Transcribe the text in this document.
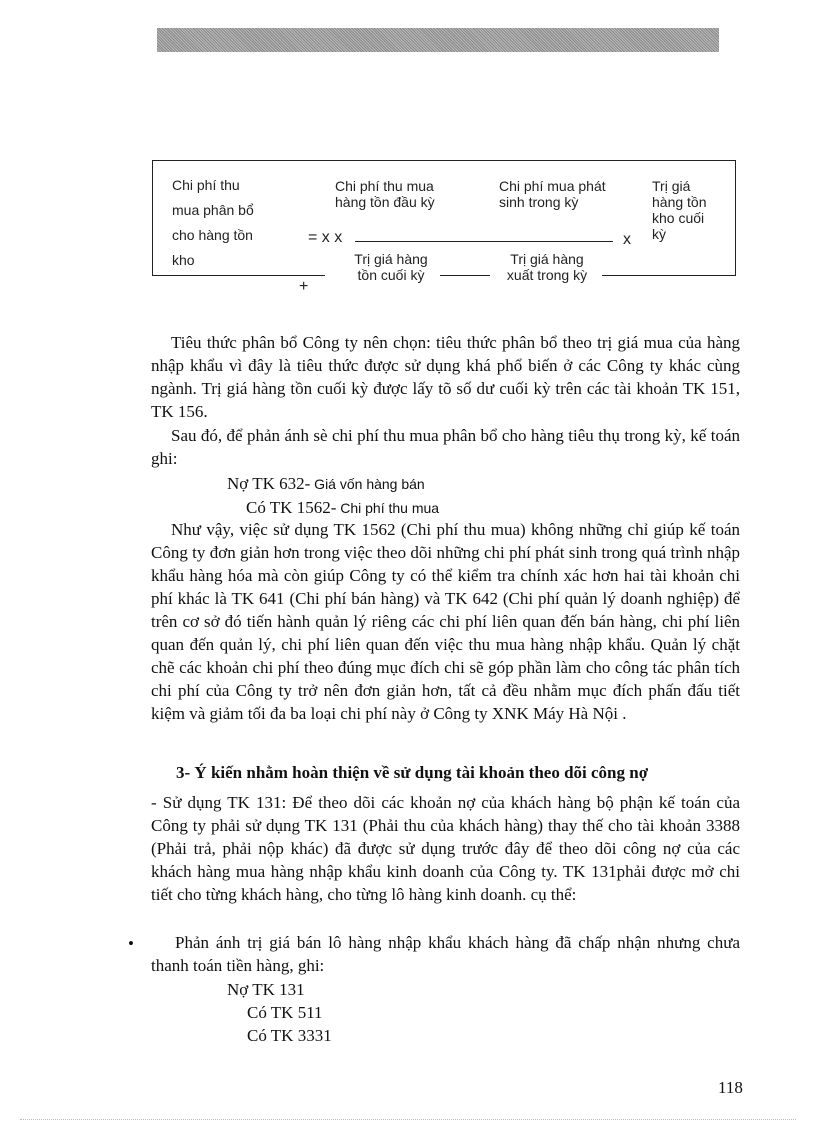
Chi phí thu
mua phân bổ
cho hàng tồn
kho
Chi phí thu mua
hàng tồn đầu kỳ
Chi phí mua phát
sinh trong kỳ
Trị giá
hàng tồn
kho cuối
kỳ
= x x	x
Trị giá hàng
tồn cuối kỳ
Trị giá hàng
xuất trong kỳ
+

Tiêu thức phân bổ Công ty nên chọn: tiêu thức phân bổ theo trị giá mua của hàng nhập khẩu vì đây là tiêu thức được sử dụng khá phổ biến ở các Công ty khác cùng ngành. Trị giá hàng tồn cuối kỳ được lấy tõ số dư cuối kỳ trên các tài khoản TK 151, TK 156.

Sau đó, để phản ánh sè chi phí thu mua phân bổ cho hàng tiêu thụ trong kỳ, kế toán ghi:

Nợ TK 632- Giá vốn hàng bán
Có TK 1562- Chi phí thu mua

Như vậy, việc sử dụng TK 1562 (Chi phí thu mua) không những chỉ giúp kế toán Công ty đơn giản hơn trong việc theo dõi những chi phí phát sinh trong quá trình nhập khẩu hàng hóa mà còn giúp Công ty có thể kiểm tra chính xác hơn hai tài khoản chi phí khác là TK 641 (Chi phí bán hàng) và TK 642 (Chi phí quản lý doanh nghiệp) để trên cơ sở đó tiến hành quản lý riêng các chi phí liên quan đến bán hàng, chi phí liên quan đến quản lý, chi phí liên quan đến việc thu mua hàng nhập khẩu. Quản lý chặt chẽ các khoản chi phí theo đúng mục đích chi sẽ góp phần làm cho công tác phân tích chi phí của Công ty trở nên đơn giản hơn, tất cả đều nhằm mục đích phấn đấu tiết kiệm và giảm tối đa ba loại chi phí này ở Công ty XNK Máy Hà Nội .

3- Ý kiến nhằm hoàn thiện về sử dụng tài khoản theo dõi công nợ

- Sử dụng TK 131: Để theo dõi các khoản nợ của khách hàng bộ phận kế toán của Công ty phải sử dụng TK 131 (Phải thu của khách hàng) thay thế cho tài khoản 3388 (Phải trả, phải nộp khác) đã được sử dụng trước đây để theo dõi công nợ của các khách hàng mua hàng nhập khẩu kinh doanh của Công ty. TK 131phải được mở chi tiết cho từng khách hàng, cho từng lô hàng kinh doanh. cụ thể:

•	Phản ánh trị giá bán lô hàng nhập khẩu khách hàng đã chấp nhận nhưng chưa thanh toán tiền hàng, ghi:

Nợ TK 131
Có TK 511
Có TK 3331
118
